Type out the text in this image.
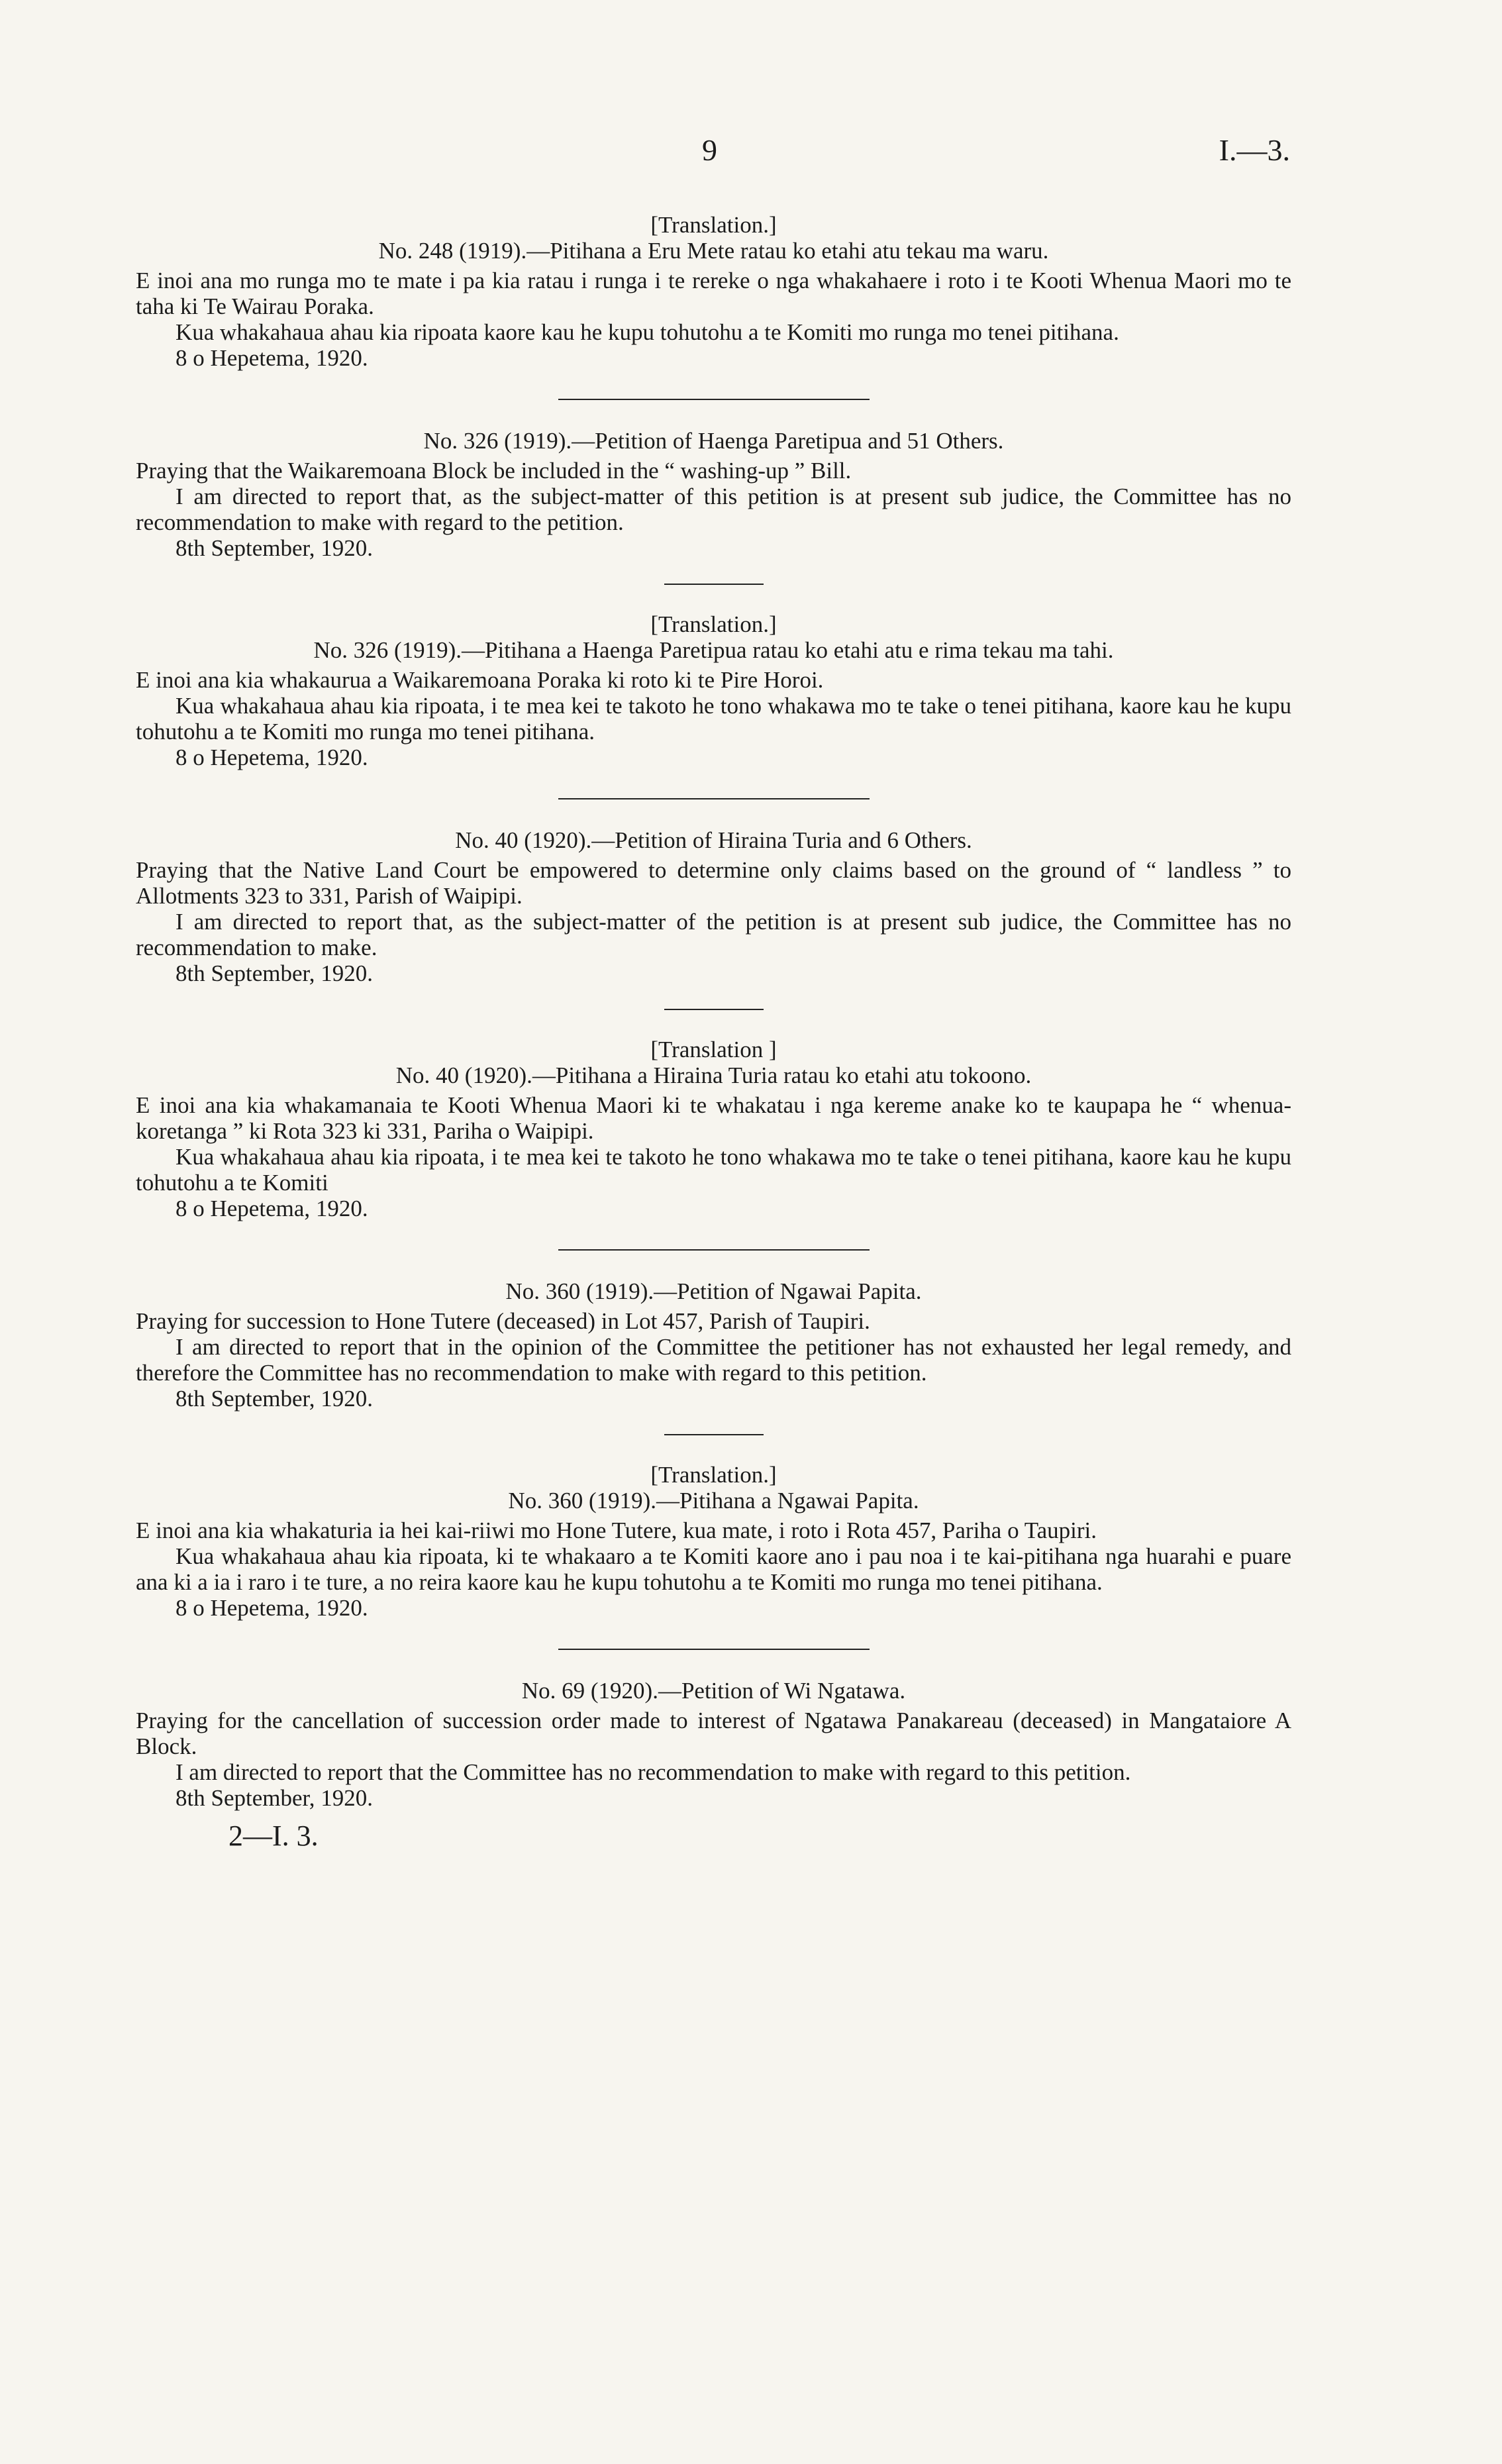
9	I.—3.

[Translation.]

No. 248 (1919).—Pitihana a Eru Mete ratau ko etahi atu tekau ma waru.

E inoi ana mo runga mo te mate i pa kia ratau i runga i te rereke o nga whakahaere i roto i te Kooti Whenua Maori mo te taha ki Te Wairau Poraka.

Kua whakahaua ahau kia ripoata kaore kau he kupu tohutohu a te Komiti mo runga mo tenei pitihana.

8 o Hepetema, 1920.

No. 326 (1919).—Petition of Haenga Paretipua and 51 Others.

Praying that the Waikaremoana Block be included in the “ washing-up ” Bill.

I am directed to report that, as the subject-matter of this petition is at present sub judice, the Committee has no recommendation to make with regard to the petition.

8th September, 1920.

[Translation.]

No. 326 (1919).—Pitihana a Haenga Paretipua ratau ko etahi atu e rima tekau ma tahi.

E inoi ana kia whakaurua a Waikaremoana Poraka ki roto ki te Pire Horoi.

Kua whakahaua ahau kia ripoata, i te mea kei te takoto he tono whakawa mo te take o tenei pitihana, kaore kau he kupu tohutohu a te Komiti mo runga mo tenei pitihana.

8 o Hepetema, 1920.

No. 40 (1920).—Petition of Hiraina Turia and 6 Others.

Praying that the Native Land Court be empowered to determine only claims based on the ground of “ landless ” to Allotments 323 to 331, Parish of Waipipi.

I am directed to report that, as the subject-matter of the petition is at present sub judice, the Committee has no recommendation to make.

8th September, 1920.

[Translation ]

No. 40 (1920).—Pitihana a Hiraina Turia ratau ko etahi atu tokoono.

E inoi ana kia whakamanaia te Kooti Whenua Maori ki te whakatau i nga kereme anake ko te kaupapa he “ whenua-koretanga ” ki Rota 323 ki 331, Pariha o Waipipi.

Kua whakahaua ahau kia ripoata, i te mea kei te takoto he tono whakawa mo te take o tenei pitihana, kaore kau he kupu tohutohu a te Komiti

8 o Hepetema, 1920.

No. 360 (1919).—Petition of Ngawai Papita.

Praying for succession to Hone Tutere (deceased) in Lot 457, Parish of Taupiri.

I am directed to report that in the opinion of the Committee the petitioner has not exhausted her legal remedy, and therefore the Committee has no recommendation to make with regard to this petition.

8th September, 1920.

[Translation.]

No. 360 (1919).—Pitihana a Ngawai Papita.

E inoi ana kia whakaturia ia hei kai-riiwi mo Hone Tutere, kua mate, i roto i Rota 457, Pariha o Taupiri.

Kua whakahaua ahau kia ripoata, ki te whakaaro a te Komiti kaore ano i pau noa i te kai-pitihana nga huarahi e puare ana ki a ia i raro i te ture, a no reira kaore kau he kupu tohutohu a te Komiti mo runga mo tenei pitihana.

8 o Hepetema, 1920.

No. 69 (1920).—Petition of Wi Ngatawa.

Praying for the cancellation of succession order made to interest of Ngatawa Panakareau (deceased) in Mangataiore A Block.

I am directed to report that the Committee has no recommendation to make with regard to this petition.

8th September, 1920.

2—I. 3.
